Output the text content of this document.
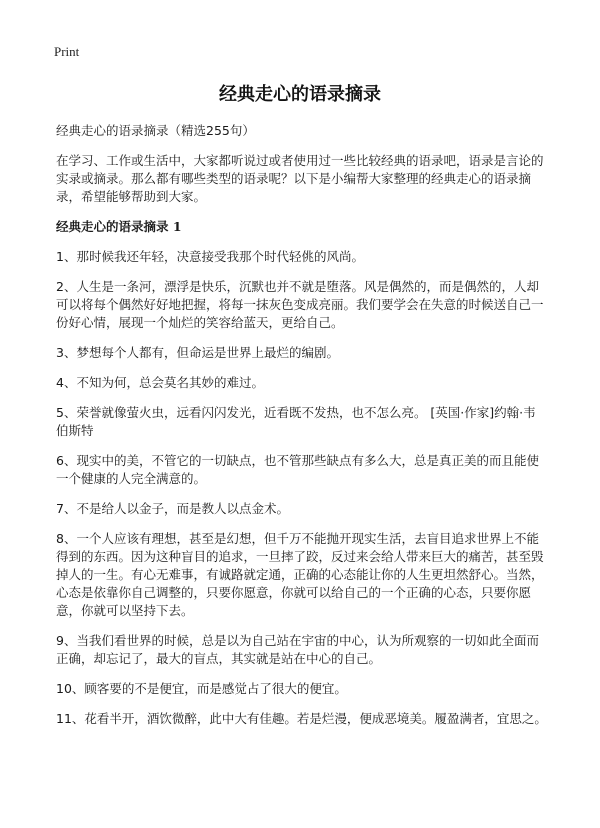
Print
经典走心的语录摘录

经典走心的语录摘录（精选255句）

在学习、工作或生活中，大家都听说过或者使用过一些比较经典的语录吧，语录是言论的实录或摘录。那么都有哪些类型的语录呢？以下是小编帮大家整理的经典走心的语录摘录，希望能够帮助到大家。

经典走心的语录摘录 1

1、那时候我还年轻，决意接受我那个时代轻佻的风尚。

2、人生是一条河，漂浮是快乐，沉默也并不就是堕落。风是偶然的，而是偶然的，人却可以将每个偶然好好地把握，将每一抹灰色变成亮丽。我们要学会在失意的时候送自己一份好心情，展现一个灿烂的笑容给蓝天，更给自己。

3、梦想每个人都有，但命运是世界上最烂的编剧。

4、不知为何，总会莫名其妙的难过。

5、荣誉就像萤火虫，远看闪闪发光，近看既不发热，也不怎么亮。 [英国·作家]约翰·韦伯斯特

6、现实中的美，不管它的一切缺点，也不管那些缺点有多么大，总是真正美的而且能使一个健康的人完全满意的。

7、不是给人以金子，而是教人以点金术。

8、一个人应该有理想，甚至是幻想，但千万不能抛开现实生活，去盲目追求世界上不能得到的东西。因为这种盲目的追求，一旦摔了跤，反过来会给人带来巨大的痛苦，甚至毁掉人的一生。有心无难事，有诚路就定通，正确的心态能让你的人生更坦然舒心。当然，心态是依靠你自己调整的，只要你愿意，你就可以给自己的一个正确的心态，只要你愿意，你就可以坚持下去。

9、当我们看世界的时候，总是以为自己站在宇宙的中心，认为所观察的一切如此全面而正确，却忘记了，最大的盲点，其实就是站在中心的自己。

10、顾客要的不是便宜，而是感觉占了很大的便宜。

11、花看半开，酒饮微醉，此中大有佳趣。若是烂漫，便成恶境美。履盈满者，宜思之。
